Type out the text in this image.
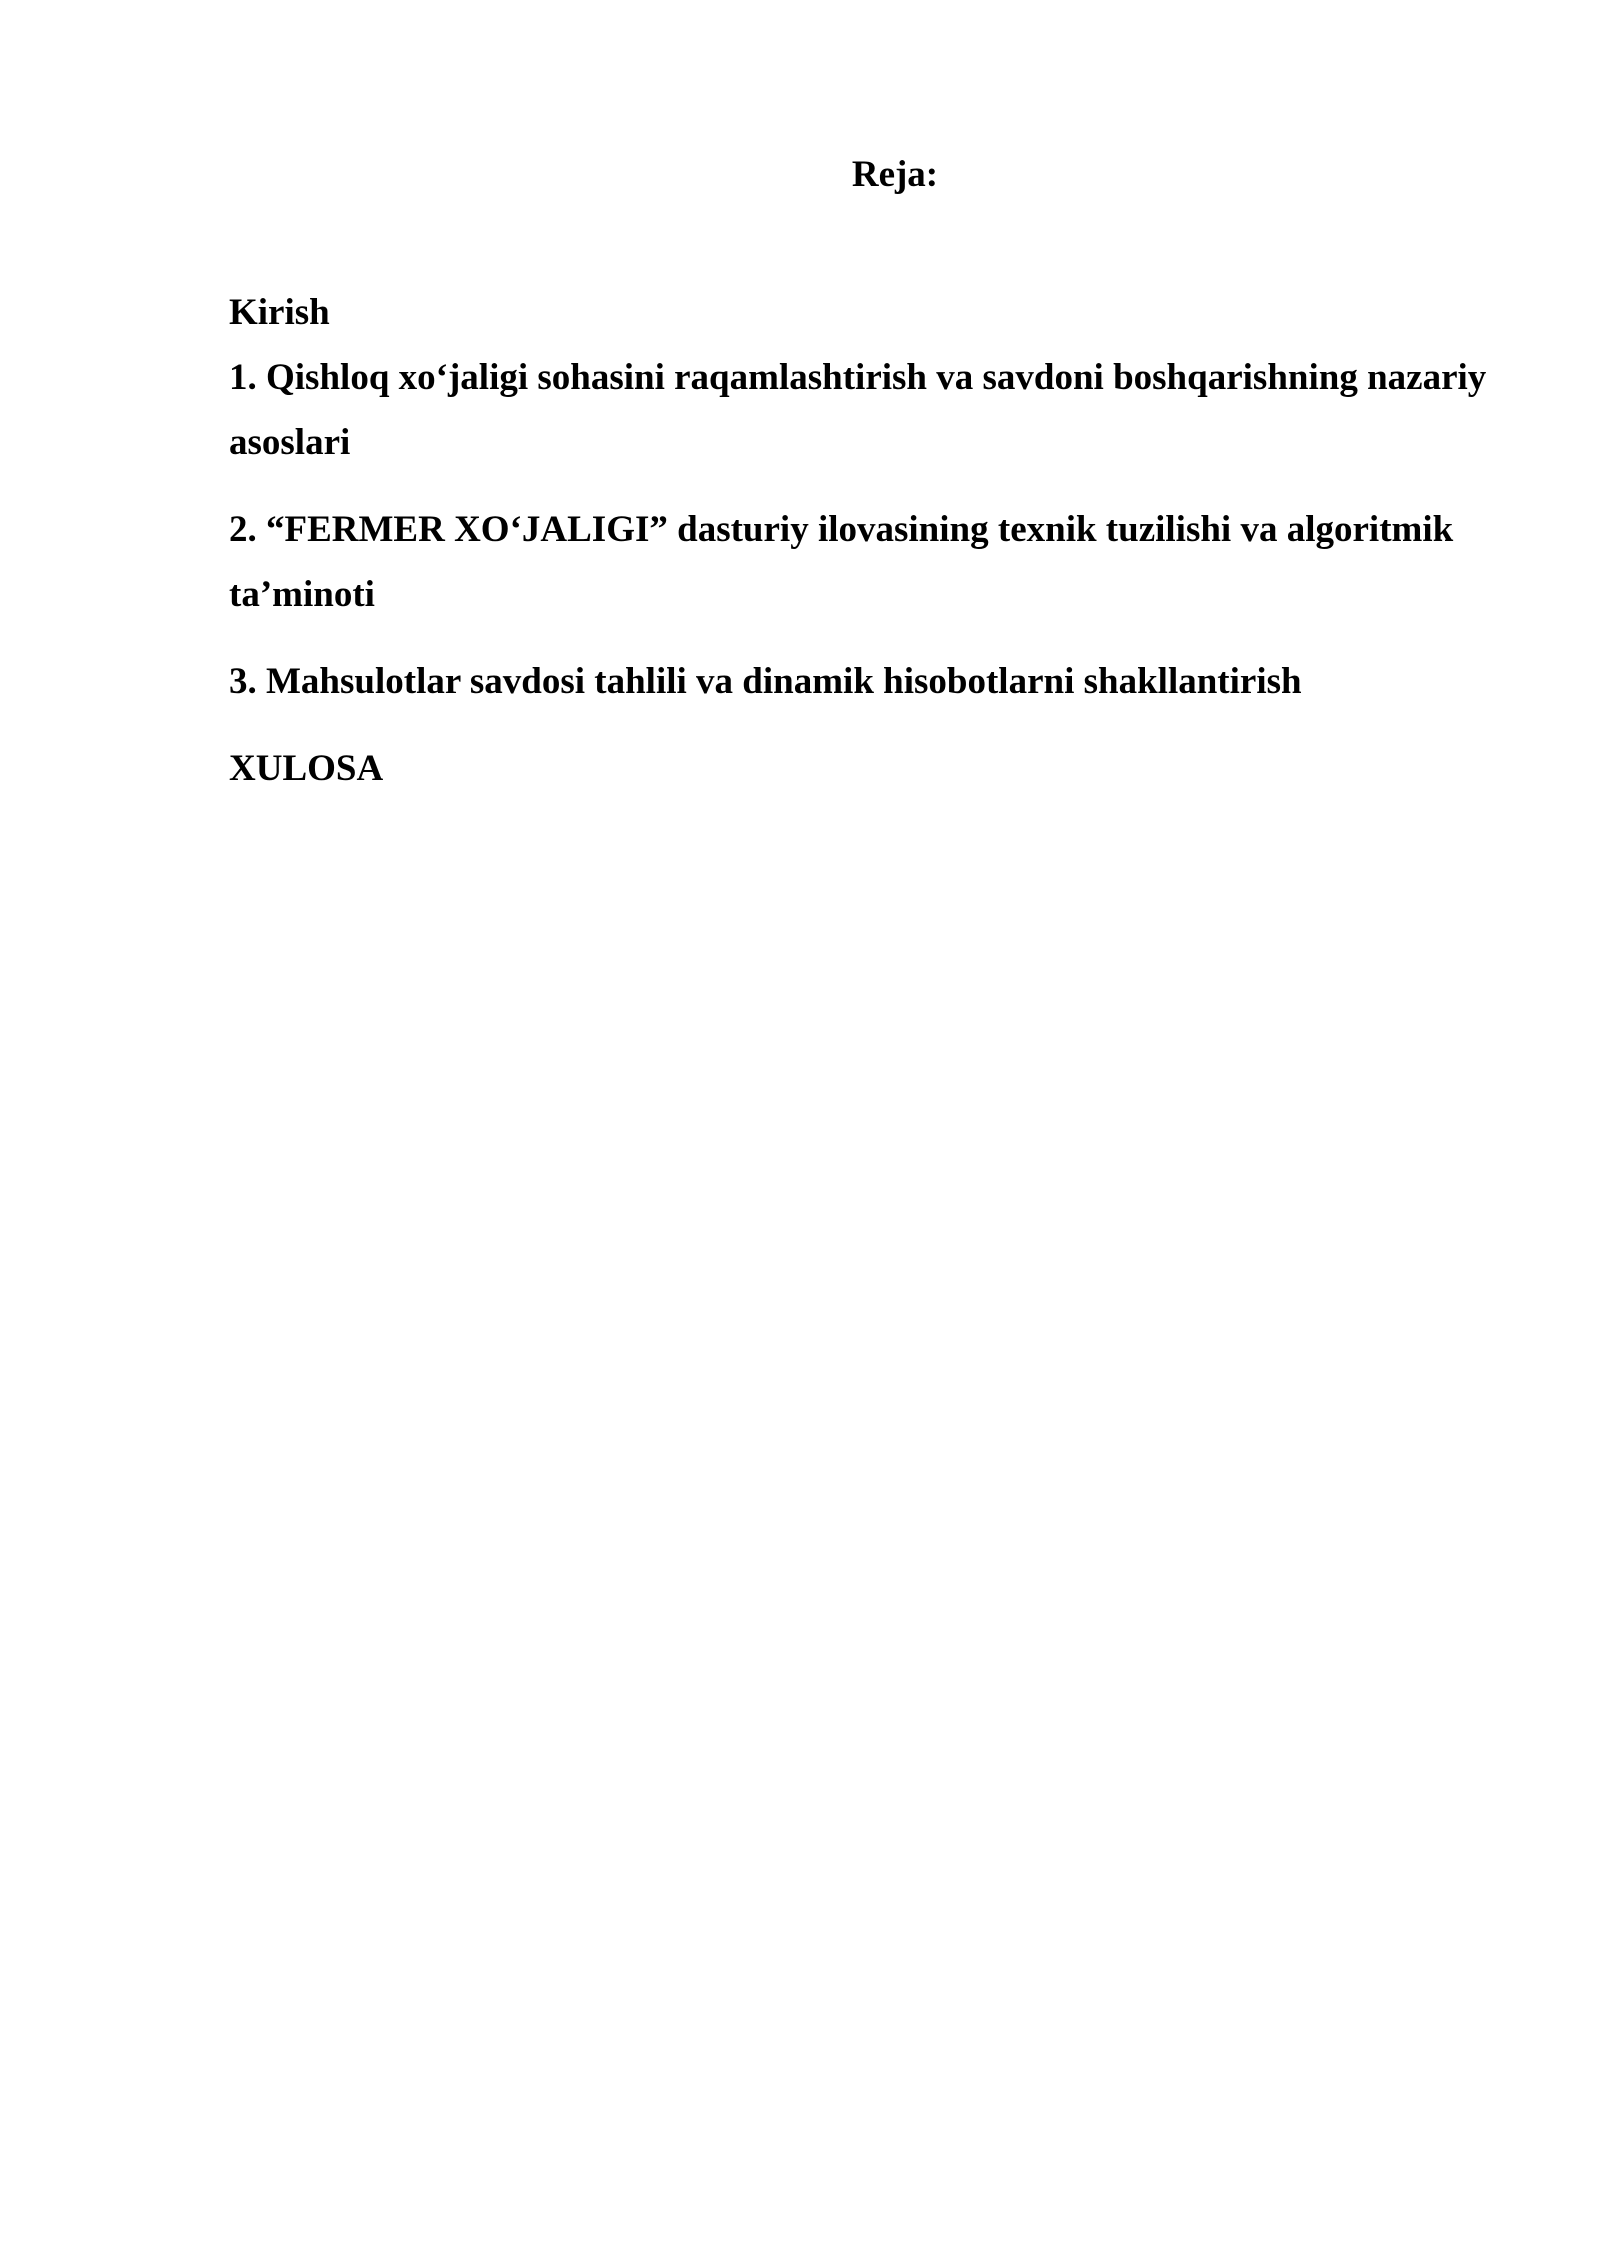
Reja:

Kirish

1. Qishloq xo‘jaligi sohasini raqamlashtirish va savdoni boshqarishning nazariy asoslari

2. “FERMER XO‘JALIGI” dasturiy ilovasining texnik tuzilishi va algoritmik ta’minoti

3. Mahsulotlar savdosi tahlili va dinamik hisobotlarni shakllantirish

XULOSA
